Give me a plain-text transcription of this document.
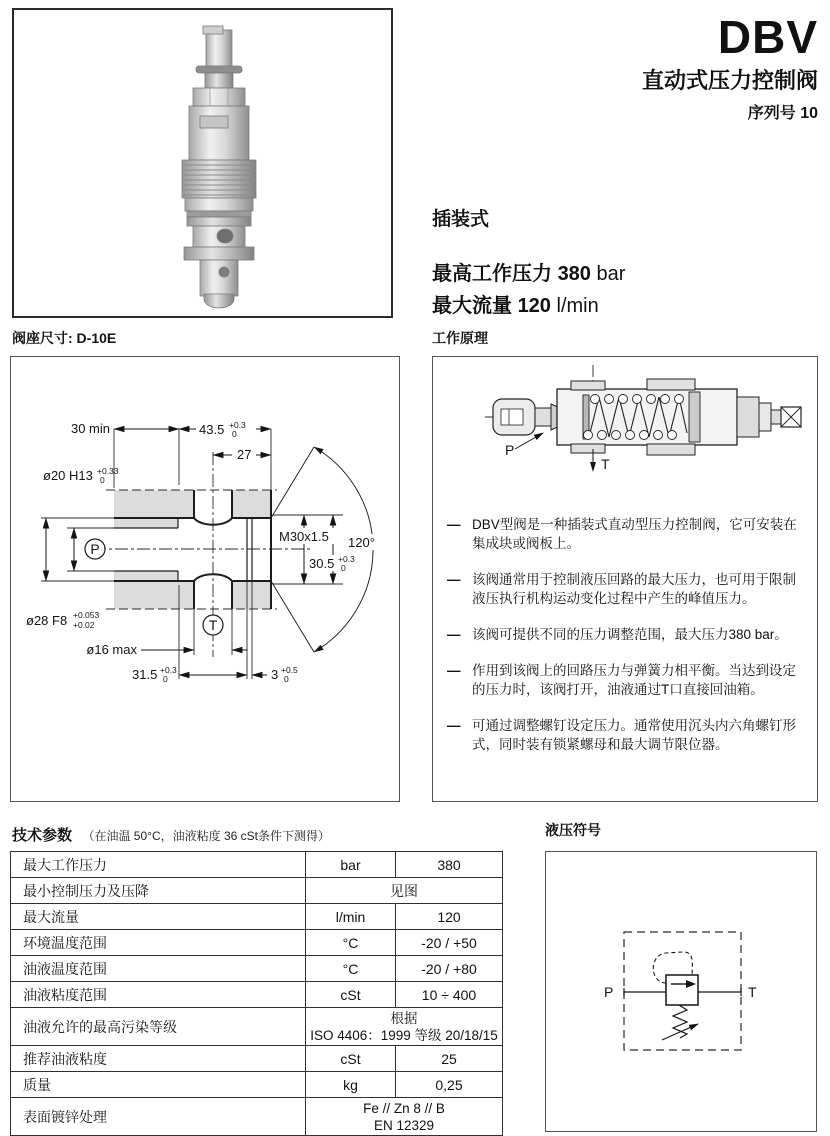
DBV
直动式压力控制阀
序列号 10
插装式
最高工作压力 380 bar
最大流量 120 l/min
阀座尺寸: D-10E
30 min	43.5 +0.3
0
27
ø20 H13 +0.33
0
M30x1.5
30.5 +0.3
0
120°
ø28 F8 +0.053
+0.02
ø16 max
31.5 +0.3
0	3 +0.5
0
P
T
工作原理
P
T
— DBV型阀是一种插装式直动型压力控制阀，它可安装在集成块或阀板上。
— 该阀通常用于控制液压回路的最大压力，也可用于限制液压执行机构运动变化过程中产生的峰值压力。
— 该阀可提供不同的压力调整范围，最大压力380 bar。
— 作用到该阀上的回路压力与弹簧力相平衡。当达到设定的压力时，该阀打开，油液通过T口直接回油箱。
— 可通过调整螺钉设定压力。通常使用沉头内六角螺钉形式，同时装有锁紧螺母和最大调节限位器。
技术参数 （在油温 50°C，油液粘度 36 cSt条件下测得）
最大工作压力	bar	380
最小控制压力及压降	见图	
最大流量	l/min	120
环境温度范围	°C	-20 / +50
油液温度范围	°C	-20 / +80
油液粘度范围	cSt	10 ÷ 400
油液允许的最高污染等级	根据
ISO 4406：1999 等级 20/18/15	

推荐油液粘度	cSt	25
质量	kg	0,25
表面镀锌处理	Fe // Zn 8 // B
EN 12329	
液压符号
P	T
